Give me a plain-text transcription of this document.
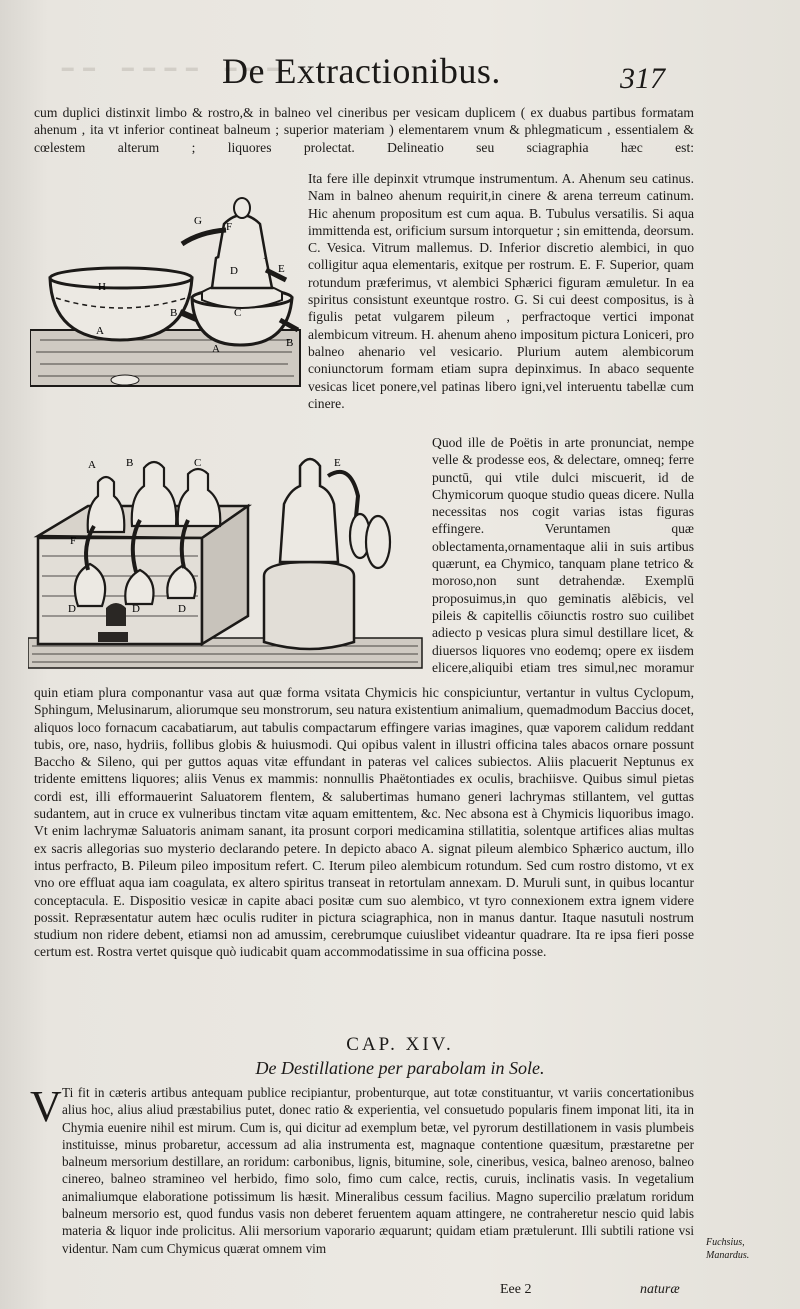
-- ---- ---
De Extractionibus.	317
cum duplici distinxit limbo & rostro,& in balneo vel cineribus per vesicam duplicem ( ex duabus partibus formatam ahenum , ita vt inferior contineat balneum ; superior materiam ) elementarem vnum & phlegmaticum , essentialem & cœlestem alterum ; liquores prolectat. Delineatio seu sciagraphia hæc est:
H
A
B
G F
D	E
C
A	B
Ita fere ille depinxit vtrumque instrumentum. A. Ahenum seu catinus. Nam in balneo ahenum requirit,in cinere & arena terreum catinum. Hic ahenum propositum est cum aqua. B. Tubulus versatilis. Si aqua immittenda est, orificium sursum intorquetur ; sin emittenda, deorsum. C. Vesica. Vitrum mallemus. D. Inferior discretio alembici, in quo colligitur aqua elementaris, exitque per rostrum. E. F. Superior, quam rotundum præferimus, vt alembici Sphærici figuram æmuletur. In ea spiritus consistunt exeuntque rostro. G. Si cui deest compositus, is à figulis petat vulgarem pileum , perfractoque vertici imponat alembicum vitreum. H. ahenum aheno impositum pictura Loniceri, pro balneo ahenario vel vesicario. Plurium autem alembicorum coniunctorum formam etiam supra depinximus. In abaco sequente vesicas licet ponere,vel patinas libero igni,vel interuentu tabellæ cum cinere.
A	B	C	E
F
D	D	D
Quod ille de Poëtis in arte pronunciat, nempe velle & prodesse eos, & delectare, omneq; ferre punctū, qui vtile dulci miscuerit, id de Chymicorum quoque studio queas dicere. Nulla necessitas nos cogit varias istas figuras effingere. Veruntamen quæ oblectamenta,ornamentaque alii in suis artibus quærunt, ea Chymico, tanquam plane tetrico & moroso,non sunt detrahendæ. Exemplū proposuimus,in quo geminatis alēbicis, vel pileis & capitellis cōiunctis rostro suo cuilibet adiecto p vesicas plura simul destillare licet, & diuersos liquores vno eodemq; opere ex iisdem elicere,aliquibi etiam tres simul,nec moramur
quin etiam plura componantur vasa aut quæ forma vsitata Chymicis hic conspiciuntur, vertantur in vultus Cyclopum, Sphingum, Melusinarum, aliorumque seu monstrorum, seu natura existentium animalium, quemadmodum Baccius docet, aliquos loco fornacum cacabatiarum, aut tabulis compactarum effingere varias imagines, quæ vaporem calidum reddant tubis, ore, naso, hydriis, follibus globis & huiusmodi. Qui opibus valent in illustri officina tales abacos ornare possunt Baccho & Sileno, qui per guttos aquas vitæ effundant in pateras vel calices subiectos. Aliis placuerit Neptunus ex tridente emittens liquores; aliis Venus ex mammis: nonnullis Phaëtontiades ex oculis, brachiisve. Quibus simul pietas cordi est, illi efformauerint Saluatorem flentem, & salubertimas humano generi lachrymas stillantem, vel guttas sudantem, aut in cruce ex vulneribus tinctam vitæ aquam emittentem, &c. Nec absona est à Chymicis liquoribus imago. Vt enim lachrymæ Saluatoris animam sanant, ita prosunt corpori medicamina stillatitia, solentque artifices alias multas ex sacris allegorias suo mysterio declarando petere. In depicto abaco A. signat pileum alembico Sphærico auctum, illo intus perfracto, B. Pileum pileo impositum refert. C. Iterum pileo alembicum rotundum. Sed cum rostro distomo, vt ex vno ore effluat aqua iam coagulata, ex altero spiritus transeat in retortulam annexam. D. Muruli sunt, in quibus locantur conceptacula. E. Dispositio vesicæ in capite abaci positæ cum suo alembico, vt tyro connexionem extra ignem videre possit. Repræsentatur autem hæc oculis ruditer in pictura sciagraphica, non in manus dantur. Itaque nasutuli nostrum studium non ridere debent, etiamsi non ad amussim, cerebrumque cuiuslibet videantur quadrare. Ita re ipsa fieri posse certum est. Rostra vertet quisque quò iudicabit quam accommodatissime in sua officina posse.
CAP. XIV.
De Destillatione per parabolam in Sole.
V Ti fit in cæteris artibus antequam publice recipiantur, probenturque, aut totæ constituantur, vt variis concertationibus alius hoc, alius aliud præstabilius putet, donec ratio & experientia, vel consuetudo popularis finem imponat liti, ita in Chymia euenire nihil est mirum. Cum is, qui dicitur ad exemplum betæ, vel pyrorum destillationem in vasis plumbeis instituisse, minus probaretur, accessum ad alia instrumenta est, magnaque contentione quæsitum, præstaretne per balneum mersorium destillare, an roridum: carbonibus, lignis, bitumine, sole, cineribus, vesica, balneo arenoso, balneo cinereo, balneo stramineo vel herbido, fimo solo, fimo cum calce, rectis, curuis, inclinatis vasis. In vegetalium animaliumque elaboratione potissimum lis hæsit. Mineralibus cessum facilius. Magno supercilio prælatum roridum balneum mersorio est, quod fundus vasis non deberet feruentem aquam attingere, ne contraheretur nescio quid labis materia & liquor inde prolicitus. Alii mersorium vaporario æquarunt; quidam etiam prætulerunt. Illi subtili ratione vsi videntur. Nam cum Chymicus quærat omnem vim	Fuchsius, Manardus.
Eee 2	naturæ
